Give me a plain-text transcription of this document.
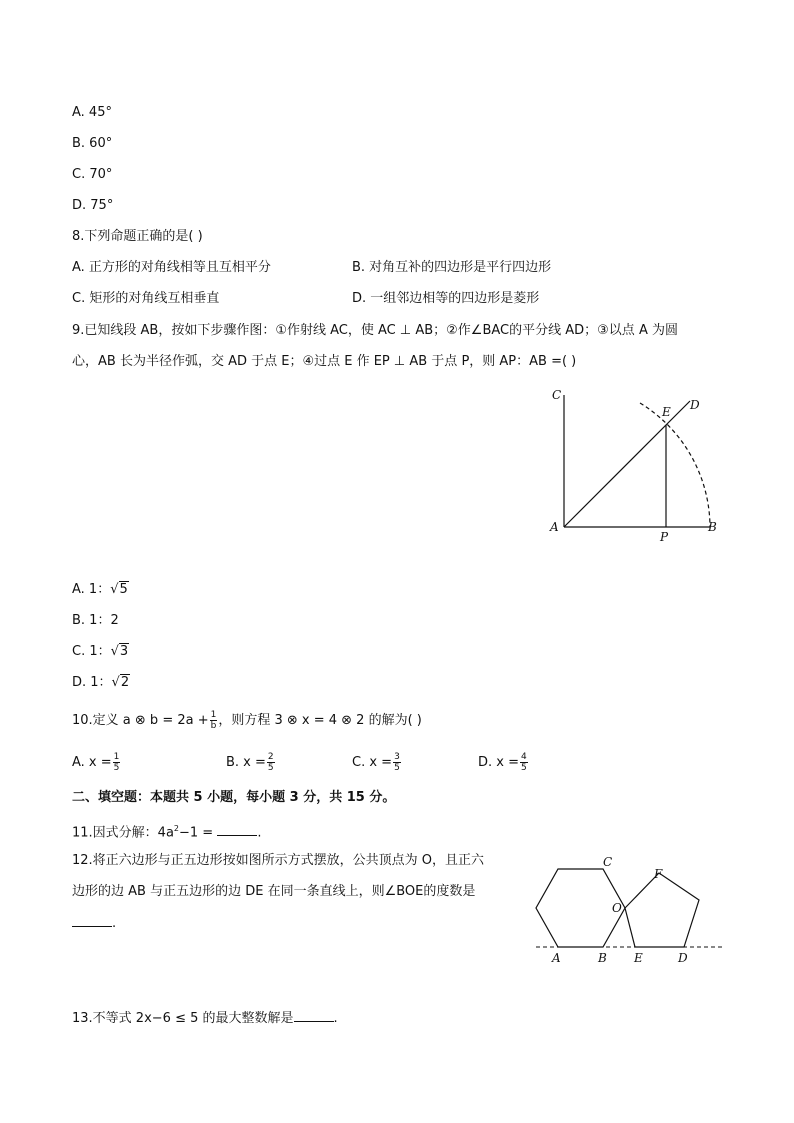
A. 45°
B. 60°
C. 70°
D. 75°
8.下列命题正确的是( )
A. 正方形的对角线相等且互相平分	B. 对角互补的四边形是平行四边形
C. 矩形的对角线互相垂直	D. 一组邻边相等的四边形是菱形
9.已知线段 AB，按如下步骤作图：①作射线 AC，使 AC ⊥ AB；②作∠BAC的平分线 AD；③以点 A 为圆
心，AB 长为半径作弧，交 AD 于点 E；④过点 E 作 EP ⊥ AB 于点 P，则 AP：AB =( )
C
D
E
A
P
B
A. 1：√5
B. 1：2
C. 1：√3
D. 1：√2
10.定义 a ⊗ $b = 2a + \frac{1}{b}$ ，则方程 3 ⊗ x = 4 ⊗ 2 的解为( )
A. $x = \frac{1}{5}$	B. $x = \frac{2}{5}$	C. $x = \frac{3}{5}$	D. $x = \frac{4}{5}$
二、填空题：本题共 5 小题，每小题 3 分，共 15 分。
11.因式分解：$4a^2-1$ =	.
12.将正六边形与正五边形按如图所示方式摆放，公共顶点为 O，且正六
边形的边 AB 与正五边形的边 DE 在同一条直线上，则∠BOE的度数是
.
C
F
O
A	B E	D
13.不等式 2x−6 ≤ 5 的最大整数解是	.
